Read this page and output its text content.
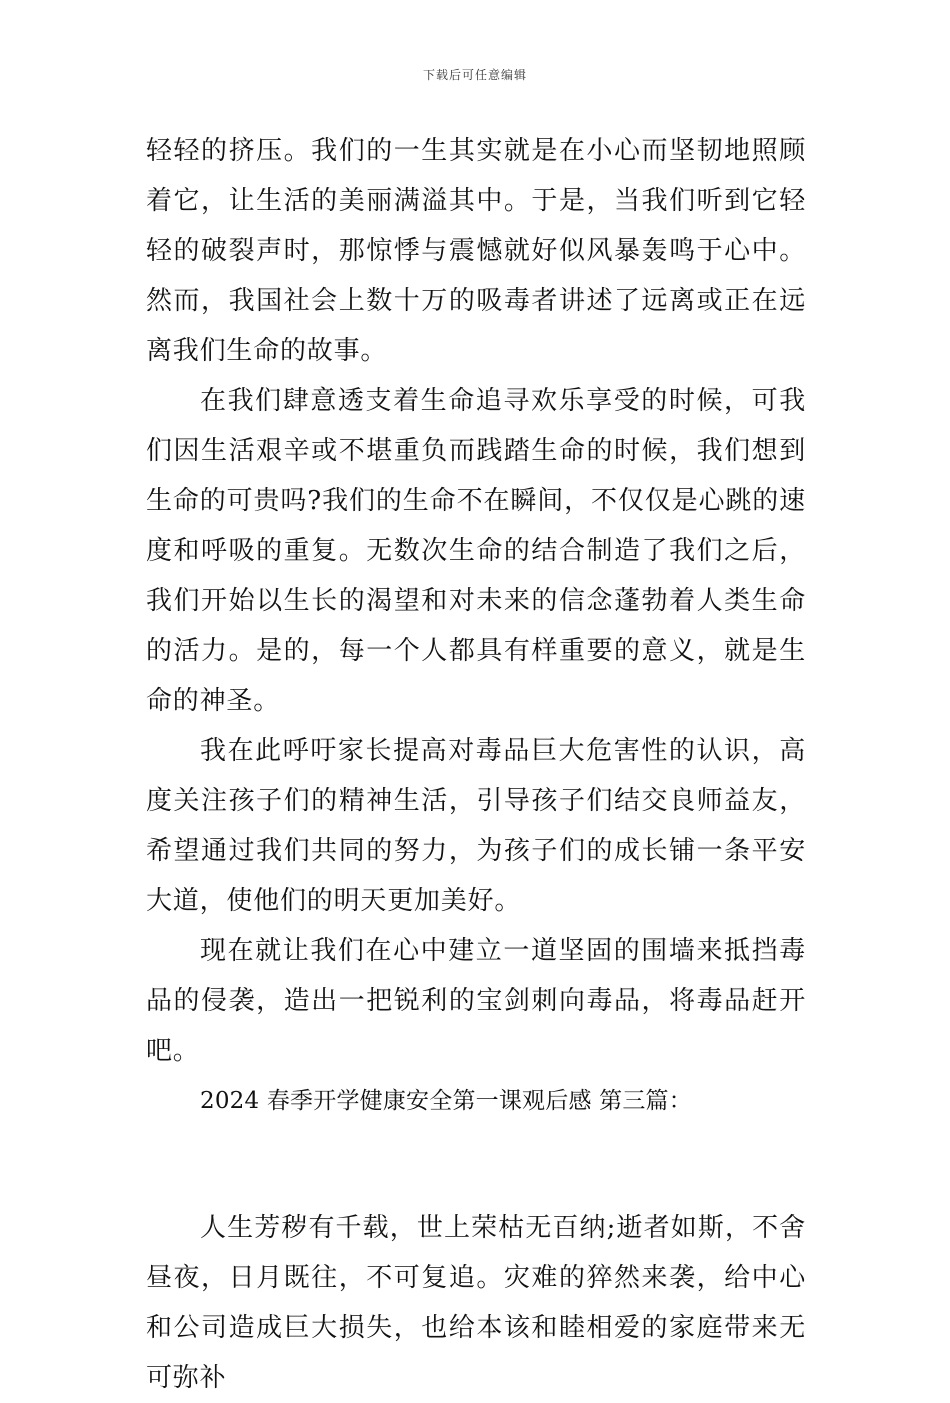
下载后可任意编辑

轻轻的挤压。我们的一生其实就是在小心而坚韧地照顾着它，让生活的美丽满溢其中。于是，当我们听到它轻轻的破裂声时，那惊悸与震憾就好似风暴轰鸣于心中。然而，我国社会上数十万的吸毒者讲述了远离或正在远离我们生命的故事。

在我们肆意透支着生命追寻欢乐享受的时候，可我们因生活艰辛或不堪重负而践踏生命的时候，我们想到生命的可贵吗?我们的生命不在瞬间，不仅仅是心跳的速度和呼吸的重复。无数次生命的结合制造了我们之后，我们开始以生长的渴望和对未来的信念蓬勃着人类生命的活力。是的，每一个人都具有样重要的意义，就是生命的神圣。

我在此呼吁家长提高对毒品巨大危害性的认识，高度关注孩子们的精神生活，引导孩子们结交良师益友，希望通过我们共同的努力，为孩子们的成长铺一条平安大道，使他们的明天更加美好。

现在就让我们在心中建立一道坚固的围墙来抵挡毒品的侵袭，造出一把锐利的宝剑刺向毒品，将毒品赶开吧。

2024 春季开学健康安全第一课观后感 第三篇：

人生芳秽有千载，世上荣枯无百纳;逝者如斯，不舍昼夜，日月既往，不可复追。灾难的猝然来袭，给中心和公司造成巨大损失，也给本该和睦相爱的家庭带来无可弥补
